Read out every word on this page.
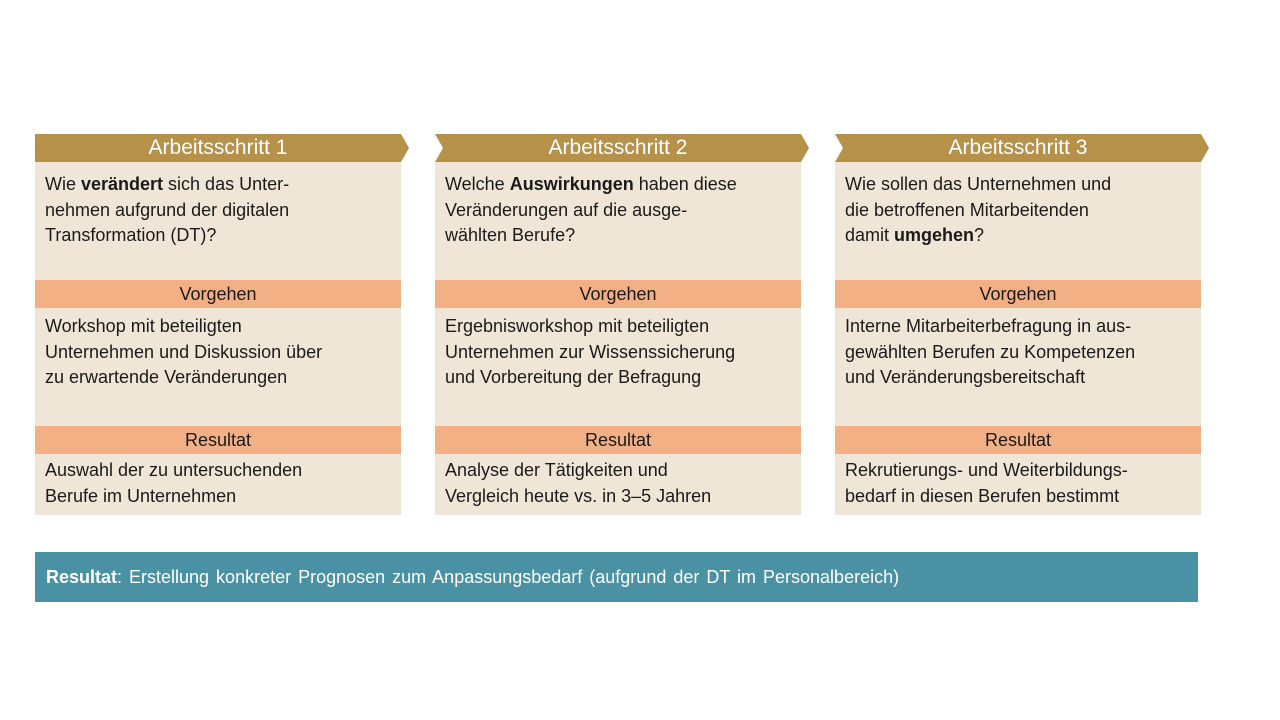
Arbeitsschritt 1
Wie verändert sich das Unter-
nehmen aufgrund der digitalen
Transformation (DT)?
Vorgehen
Workshop mit beteiligten
Unternehmen und Diskussion über
zu erwartende Veränderungen
Resultat
Auswahl der zu untersuchenden
Berufe im Unternehmen
Arbeitsschritt 2
Welche Auswirkungen haben diese
Veränderungen auf die ausge-
wählten Berufe?
Vorgehen
Ergebnisworkshop mit beteiligten
Unternehmen zur Wissenssicherung
und Vorbereitung der Befragung
Resultat
Analyse der Tätigkeiten und
Vergleich heute vs. in 3–5 Jahren
Arbeitsschritt 3
Wie sollen das Unternehmen und
die betroffenen Mitarbeitenden
damit umgehen?
Vorgehen
Interne Mitarbeiterbefragung in aus-
gewählten Berufen zu Kompetenzen
und Veränderungsbereitschaft
Resultat
Rekrutierungs- und Weiterbildungs-
bedarf in diesen Berufen bestimmt
Resultat: Erstellung konkreter Prognosen zum Anpassungsbedarf (aufgrund der DT im Personalbereich)
